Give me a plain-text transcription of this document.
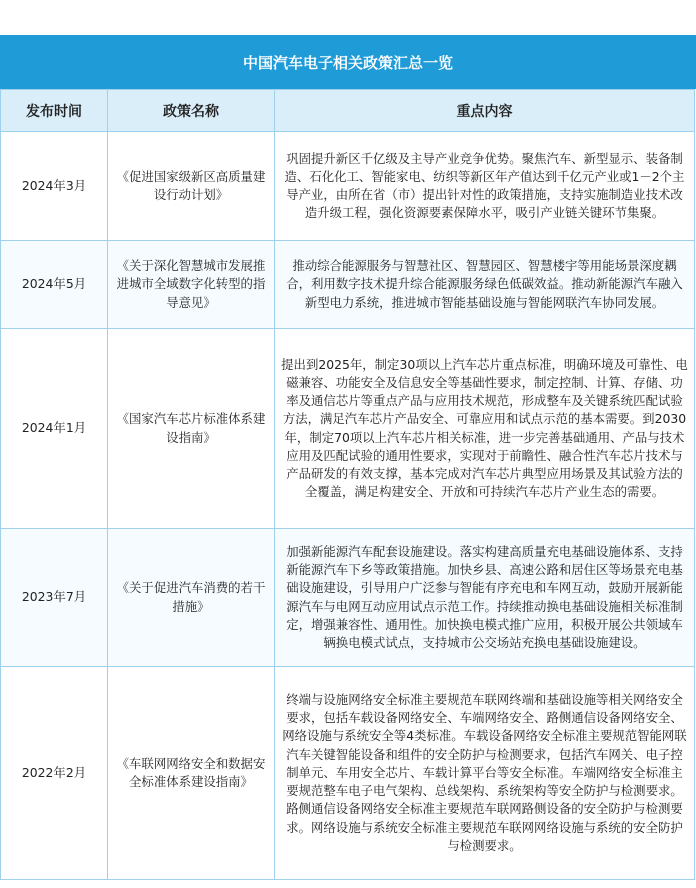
中国汽车电子相关政策汇总一览
发布时间	政策名称	重点内容
2024年3月	《促进国家级新区高质量建设行动计划》	巩固提升新区千亿级及主导产业竞争优势。聚焦汽车、新型显示、装备制造、石化化工、智能家电、纺织等新区年产值达到千亿元产业或1－2个主导产业，由所在省（市）提出针对性的政策措施，支持实施制造业技术改造升级工程，强化资源要素保障水平，吸引产业链关键环节集聚。
2024年5月	《关于深化智慧城市发展推进城市全域数字化转型的指导意见》	推动综合能源服务与智慧社区、智慧园区、智慧楼宇等用能场景深度耦合，利用数字技术提升综合能源服务绿色低碳效益。推动新能源汽车融入新型电力系统，推进城市智能基础设施与智能网联汽车协同发展。
2024年1月	《国家汽车芯片标准体系建设指南》	提出到2025年，制定30项以上汽车芯片重点标准，明确环境及可靠性、电磁兼容、功能安全及信息安全等基础性要求，制定控制、计算、存储、功率及通信芯片等重点产品与应用技术规范，形成整车及关键系统匹配试验方法，满足汽车芯片产品安全、可靠应用和试点示范的基本需要。到2030年，制定70项以上汽车芯片相关标准，进一步完善基础通用、产品与技术应用及匹配试验的通用性要求，实现对于前瞻性、融合性汽车芯片技术与产品研发的有效支撑，基本完成对汽车芯片典型应用场景及其试验方法的全覆盖，满足构建安全、开放和可持续汽车芯片产业生态的需要。
2023年7月	《关于促进汽车消费的若干措施》	加强新能源汽车配套设施建设。落实构建高质量充电基础设施体系、支持新能源汽车下乡等政策措施。加快乡县、高速公路和居住区等场景充电基础设施建设，引导用户广泛参与智能有序充电和车网互动，鼓励开展新能源汽车与电网互动应用试点示范工作。持续推动换电基础设施相关标准制定，增强兼容性、通用性。加快换电模式推广应用，积极开展公共领域车辆换电模式试点，支持城市公交场站充换电基础设施建设。
2022年2月	《车联网网络安全和数据安全标准体系建设指南》	终端与设施网络安全标准主要规范车联网终端和基础设施等相关网络安全要求，包括车载设备网络安全、车端网络安全、路侧通信设备网络安全、网络设施与系统安全等4类标准。车载设备网络安全标准主要规范智能网联汽车关键智能设备和组件的安全防护与检测要求，包括汽车网关、电子控制单元、车用安全芯片、车载计算平台等安全标准。车端网络安全标准主要规范整车电子电气架构、总线架构、系统架构等安全防护与检测要求。路侧通信设备网络安全标准主要规范车联网路侧设备的安全防护与检测要求。网络设施与系统安全标准主要规范车联网网络设施与系统的安全防护与检测要求。
